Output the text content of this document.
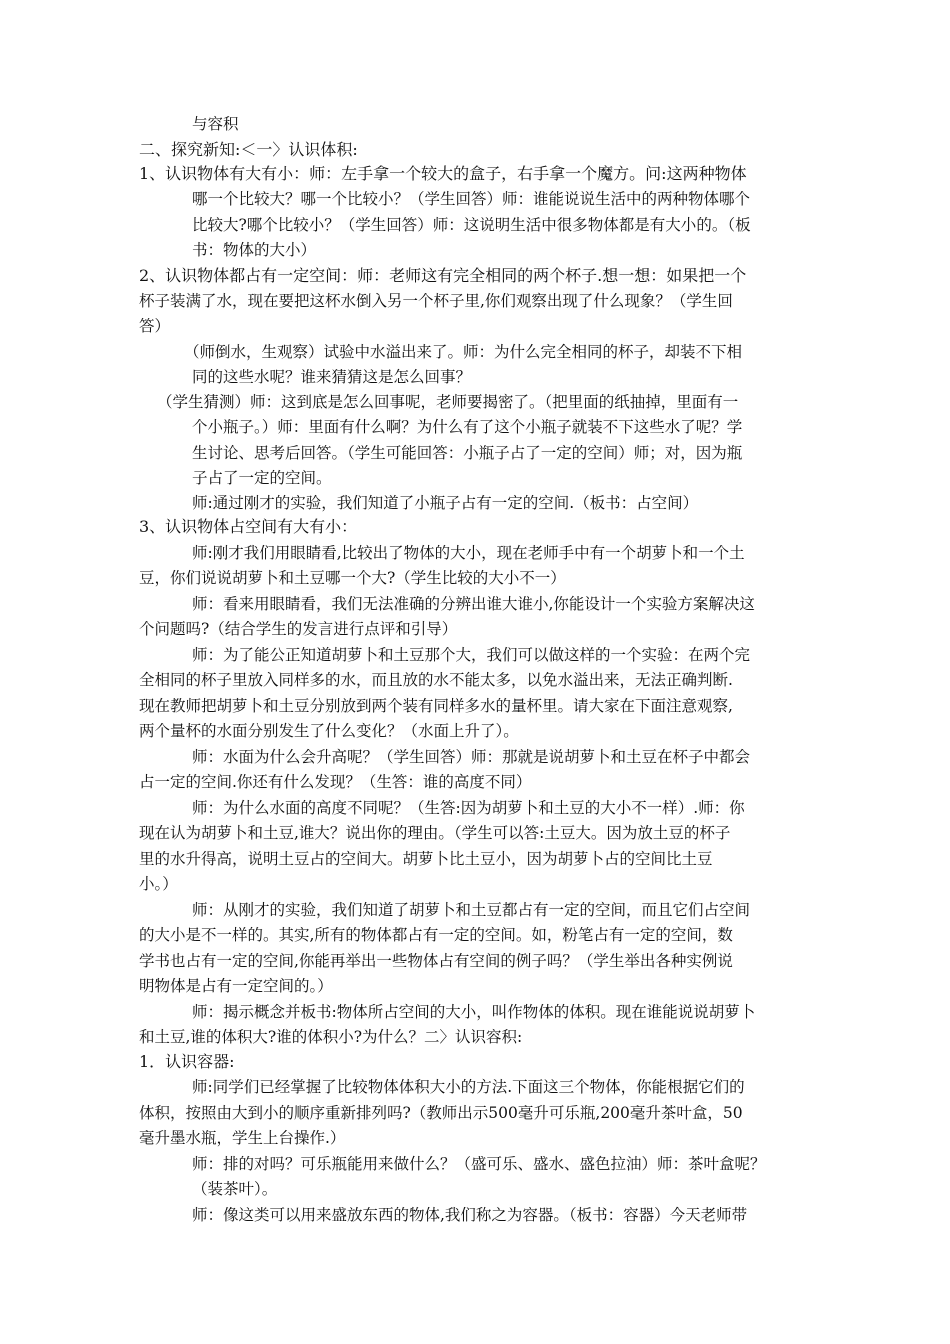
与容积
二、探究新知:＜一〉认识体积:
1、认识物体有大有小：师：左手拿一个较大的盒子，右手拿一个魔方。问:这两种物体
哪一个比较大？哪一个比较小？（学生回答）师：谁能说说生活中的两种物体哪个
比较大?哪个比较小？（学生回答）师：这说明生活中很多物体都是有大小的。（板
书：物体的大小）
2、认识物体都占有一定空间：师：老师这有完全相同的两个杯子.想一想：如果把一个
杯子装满了水，现在要把这杯水倒入另一个杯子里,你们观察出现了什么现象？（学生回
答）
（师倒水，生观察）试验中水溢出来了。师：为什么完全相同的杯子，却装不下相
同的这些水呢？谁来猜猜这是怎么回事？
（学生猜测）师：这到底是怎么回事呢，老师要揭密了。（把里面的纸抽掉，里面有一
个小瓶子。）师：里面有什么啊？为什么有了这个小瓶子就装不下这些水了呢？学
生讨论、思考后回答。（学生可能回答：小瓶子占了一定的空间）师；对，因为瓶
子占了一定的空间。
师:通过刚才的实验，我们知道了小瓶子占有一定的空间.（板书：占空间）
3、认识物体占空间有大有小：
师:刚才我们用眼睛看,比较出了物体的大小，现在老师手中有一个胡萝卜和一个土
豆，你们说说胡萝卜和土豆哪一个大?（学生比较的大小不一）
师：看来用眼睛看，我们无法准确的分辨出谁大谁小,你能设计一个实验方案解决这
个问题吗?（结合学生的发言进行点评和引导）
师：为了能公正知道胡萝卜和土豆那个大，我们可以做这样的一个实验：在两个完
全相同的杯子里放入同样多的水，而且放的水不能太多，以免水溢出来，无法正确判断.
现在教师把胡萝卜和土豆分别放到两个装有同样多水的量杯里。请大家在下面注意观察,
两个量杯的水面分别发生了什么变化？（水面上升了）。
师：水面为什么会升高呢？（学生回答）师：那就是说胡萝卜和土豆在杯子中都会
占一定的空间.你还有什么发现？（生答：谁的高度不同）
师：为什么水面的高度不同呢？（生答:因为胡萝卜和土豆的大小不一样）.师：你
现在认为胡萝卜和土豆,谁大？说出你的理由。（学生可以答:土豆大。因为放土豆的杯子
里的水升得高，说明土豆占的空间大。胡萝卜比土豆小，因为胡萝卜占的空间比土豆
小。）
师：从刚才的实验，我们知道了胡萝卜和土豆都占有一定的空间，而且它们占空间
的大小是不一样的。其实,所有的物体都占有一定的空间。如，粉笔占有一定的空间，数
学书也占有一定的空间,你能再举出一些物体占有空间的例子吗？（学生举出各种实例说
明物体是占有一定空间的。）
师：揭示概念并板书:物体所占空间的大小，叫作物体的体积。现在谁能说说胡萝卜
和土豆,谁的体积大?谁的体积小?为什么？二〉认识容积:
1．认识容器:
师:同学们已经掌握了比较物体体积大小的方法.下面这三个物体，你能根据它们的
体积，按照由大到小的顺序重新排列吗?（教师出示500毫升可乐瓶,200毫升茶叶盒，50
毫升墨水瓶，学生上台操作.）
师：排的对吗？可乐瓶能用来做什么？（盛可乐、盛水、盛色拉油）师：茶叶盒呢？
（装茶叶）。
师：像这类可以用来盛放东西的物体,我们称之为容器。（板书：容器）今天老师带
